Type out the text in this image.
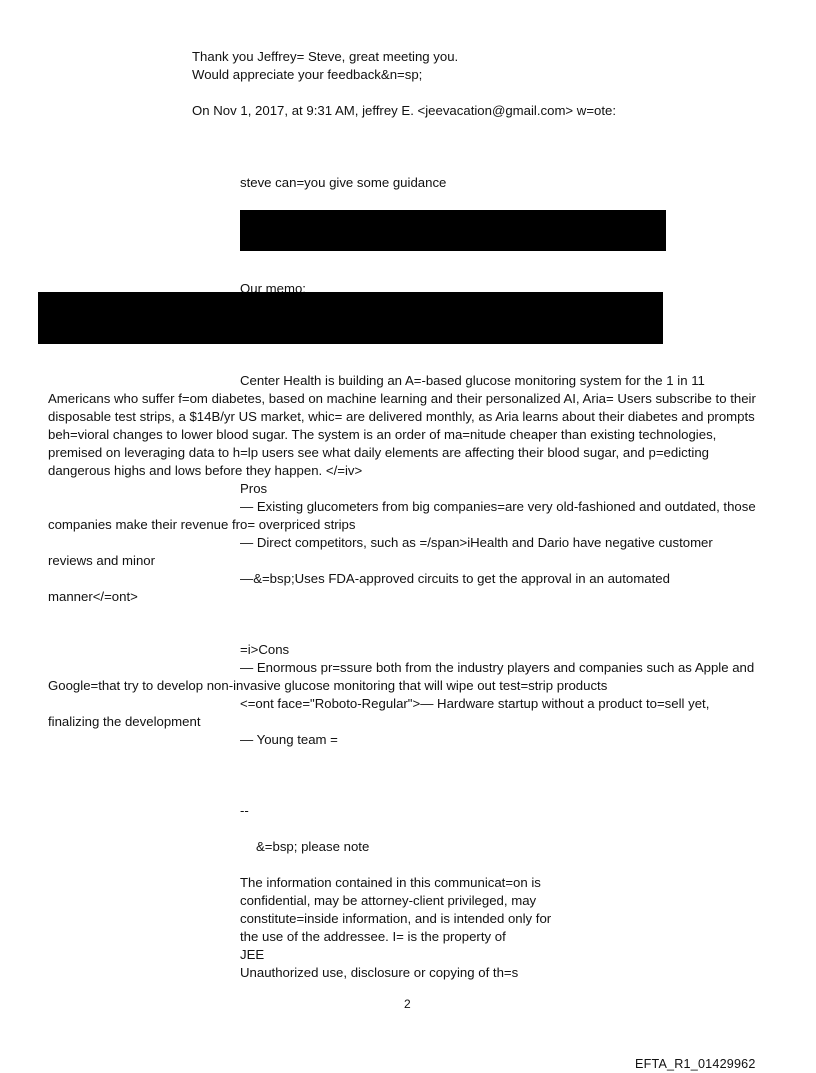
Thank you Jeffrey= Steve, great meeting you.

Would appreciate your feedback&n=sp;

On Nov 1, 2017, at 9:31 AM, jeffrey E. <jeevacation@gmail.com> w=ote:

steve can=you give some guidance

Our memo:

Center Health is building an A=-based glucose monitoring system for the 1 in 11

Americans who suffer f=om diabetes, based on machine learning and their personalized AI, Aria= Users subscribe to their disposable test strips, a $14B/yr US market, whic= are delivered monthly, as Aria learns about their diabetes and prompts beh=vioral changes to lower blood sugar. The system is an order of ma=nitude cheaper than existing technologies, premised on leveraging data to h=lp users see what daily elements are affecting their blood sugar, and p=edicting dangerous highs and lows before they happen. </=iv>

Pros

— Existing glucometers from big companies=are very old-fashioned and outdated, those

companies make their revenue fro= overpriced strips

— Direct competitors, such as =/span>iHealth and Dario have negative customer

reviews and minor

—&=bsp;Uses FDA-approved circuits to get the approval in an automated

manner</=ont>

=i>Cons

— Enormous pr=ssure both from the industry players and companies such as Apple and

Google=that try to develop non-invasive glucose monitoring that will wipe out test=strip products

<=ont face="Roboto-Regular">— Hardware startup without a product to=sell yet,

finalizing the development

— Young team =

--

&=bsp; please note

The information contained in this communicat=on is

confidential, may be attorney-client privileged, may

constitute=inside information, and is intended only for

the use of the addressee. I= is the property of

JEE

Unauthorized use, disclosure or copying of th=s

2

EFTA_R1_01429962
